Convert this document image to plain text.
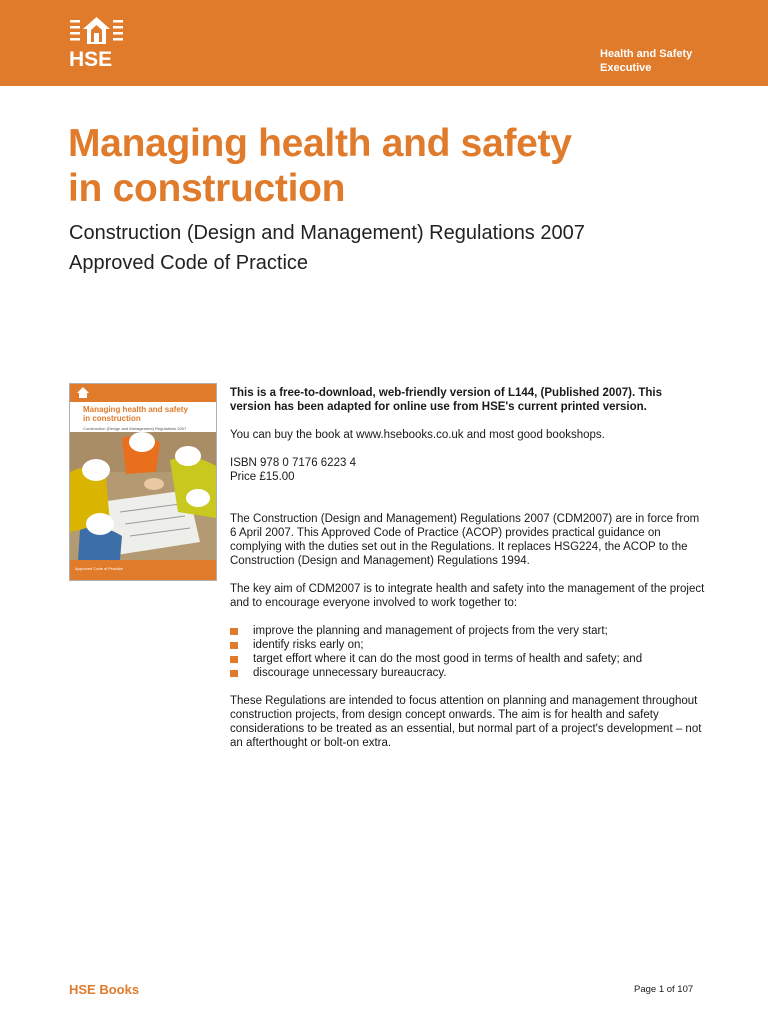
HSE	Health and Safety
Executive
Managing health and safety
in construction
Construction (Design and Management) Regulations 2007
Approved Code of Practice
Managing health and safety
in construction
Construction (Design and Management) Regulations 2007
Approved Code of Practice

This is a free-to-download, web-friendly version of L144, (Published 2007). This version has been adapted for online use from HSE's current printed version.

You can buy the book at www.hsebooks.co.uk and most good bookshops.

ISBN 978 0 7176 6223 4
Price £15.00

The Construction (Design and Management) Regulations 2007 (CDM2007) are in force from 6 April 2007. This Approved Code of Practice (ACOP) provides practical guidance on complying with the duties set out in the Regulations. It replaces HSG224, the ACOP to the Construction (Design and Management) Regulations 1994.

The key aim of CDM2007 is to integrate health and safety into the management of the project and to encourage everyone involved to work together to:

improve the planning and management of projects from the very start;
identify risks early on;
target effort where it can do the most good in terms of health and safety; and
discourage unnecessary bureaucracy.

These Regulations are intended to focus attention on planning and management throughout construction projects, from design concept onwards. The aim is for health and safety considerations to be treated as an essential, but normal part of a project's development – not an afterthought or bolt-on extra.

HSE Books	Page 1 of 107
